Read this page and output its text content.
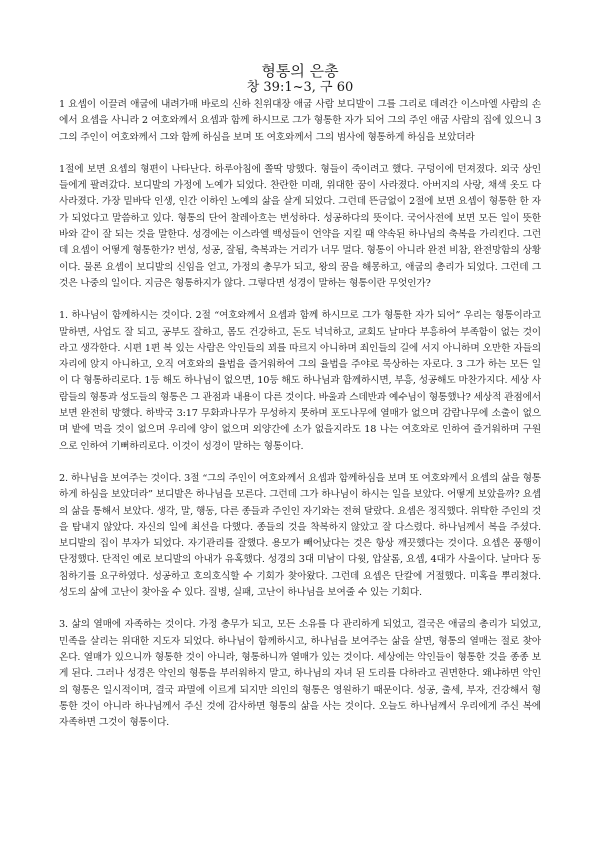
형통의 은총
창 39:1~3, 구 60

1 요셉이 이끌려 애굽에 내려가매 바로의 신하 친위대장 애굽 사람 보디발이 그를 그리로 데려간 이스마엘 사람의 손에서 요셉을 사니라 2 여호와께서 요셉과 함께 하시므로 그가 형통한 자가 되어 그의 주인 애굽 사람의 집에 있으니 3 그의 주인이 여호와께서 그와 함께 하심을 보며 또 여호와께서 그의 범사에 형통하게 하심을 보았더라

1절에 보면 요셉의 형편이 나타난다. 하루아침에 쫄딱 망했다. 형들이 죽이려고 했다. 구덩이에 던져졌다. 외국 상인들에게 팔려갔다. 보디발의 가정에 노예가 되었다. 찬란한 미래, 위대한 꿈이 사라졌다. 아버지의 사랑, 채색 옷도 다 사라졌다. 가장 밑바닥 인생, 인간 이하인 노예의 삶을 살게 되었다. 그런데 뜬금없이 2절에 보면 요셉이 형통한 한 자가 되었다고 말씀하고 있다. 형통의 단어 찰레아흐는 번성하다. 성공하다의 뜻이다. 국어사전에 보면 모든 일이 뜻한 바와 같이 잘 되는 것을 말한다. 성경에는 이스라엘 백성들이 언약을 지킬 때 약속된 하나님의 축복을 가리킨다. 그런데 요셉이 어떻게 형통한가? 번성, 성공, 잘됨, 축복과는 거리가 너무 멀다. 형통이 아니라 완전 비참, 완전망함의 상황이다. 물론 요셉이 보디발의 신임을 얻고, 가정의 총무가 되고, 왕의 꿈을 해몽하고, 애굽의 총리가 되었다. 그런데 그것은 나중의 일이다. 지금은 형통하지가 않다. 그렇다면 성경이 말하는 형통이란 무엇인가?

1. 하나님이 함께하시는 것이다. 2절 “여호와께서 요셉과 함께 하시므로 그가 형통한 자가 되어” 우리는 형통이라고 말하면, 사업도 잘 되고, 공부도 잘하고, 몸도 건강하고, 돈도 넉넉하고, 교회도 날마다 부흥하여 부족함이 없는 것이라고 생각한다. 시편 1편 복 있는 사람은 악인들의 꾀를 따르지 아니하며 죄인들의 길에 서지 아니하며 오만한 자들의 자리에 앉지 아니하고, 오직 여호와의 율법을 즐거워하여 그의 율법을 주야로 묵상하는 자로다. 3 그가 하는 모든 일이 다 형통하리로다. 1등 해도 하나님이 없으면, 10등 해도 하나님과 함께하시면, 부흥, 성공해도 마찬가지다. 세상 사람들의 형통과 성도들의 형통은 그 관점과 내용이 다른 것이다. 바울과 스데반과 예수님이 형통했나? 세상적 관점에서 보면 완전히 망했다. 하박국 3:17 무화과나무가 무성하지 못하며 포도나무에 열매가 없으며 감람나무에 소출이 없으며 밭에 먹을 것이 없으며 우리에 양이 없으며 외양간에 소가 없을지라도 18 나는 여호와로 인하여 즐거워하며 구원으로 인하여 기뻐하리로다. 이것이 성경이 말하는 형통이다.

2. 하나님을 보여주는 것이다. 3절 “그의 주인이 여호와께서 요셉과 함께하심을 보며 또 여호와께서 요셉의 삶을 형통하게 하심을 보았더라” 보디발은 하나님을 모른다. 그런데 그가 하나님이 하시는 일을 보았다. 어떻게 보았을까? 요셉의 삶을 통해서 보았다. 생각, 말, 행동, 다른 종들과 주인인 자기와는 전혀 달랐다. 요셉은 정직했다. 위탁한 주인의 것을 탐내지 않았다. 자신의 일에 최선을 다했다. 종들의 것을 착복하지 않았고 잘 다스렸다. 하나님께서 복을 주셨다. 보디발의 집이 부자가 되었다. 자기관리를 잘했다. 용모가 빼어났다는 것은 항상 깨끗했다는 것이다. 요셉은 풍행이 단정했다. 단적인 예로 보디발의 아내가 유혹했다. 성경의 3대 미남이 다윗, 압살롬, 요셉, 4대가 사울이다. 날마다 동침하기를 요구하였다. 성공하고 호의호식할 수 기회가 찾아왔다. 그런데 요셉은 단칼에 거절했다. 미혹을 뿌리쳤다. 성도의 삶에 고난이 찾아올 수 있다. 질병, 실패, 고난이 하나님을 보여줄 수 있는 기회다.

3. 삶의 열매에 자족하는 것이다. 가정 총무가 되고, 모든 소유를 다 관리하게 되었고, 결국은 애굽의 총리가 되었고, 민족을 살리는 위대한 지도자 되었다. 하나님이 함께하시고, 하나님을 보여주는 삶을 살면, 형통의 열매는 절로 찾아온다. 열매가 있으니까 형통한 것이 아니라, 형통하니까 열매가 있는 것이다. 세상에는 악인들이 형통한 것을 종종 보게 된다. 그러나 성경은 악인의 형통을 부러워하지 말고, 하나님의 자녀 된 도리를 다하라고 권면한다. 왜냐하면 악인의 형통은 일시적이며, 결국 파멸에 이르게 되지만 의인의 형통은 영원하기 때문이다. 성공, 출세, 부자, 건강해서 형통한 것이 아니라 하나님께서 주신 것에 감사하면 형통의 삶을 사는 것이다. 오늘도 하나님께서 우리에게 주신 복에 자족하면 그것이 형통이다.
